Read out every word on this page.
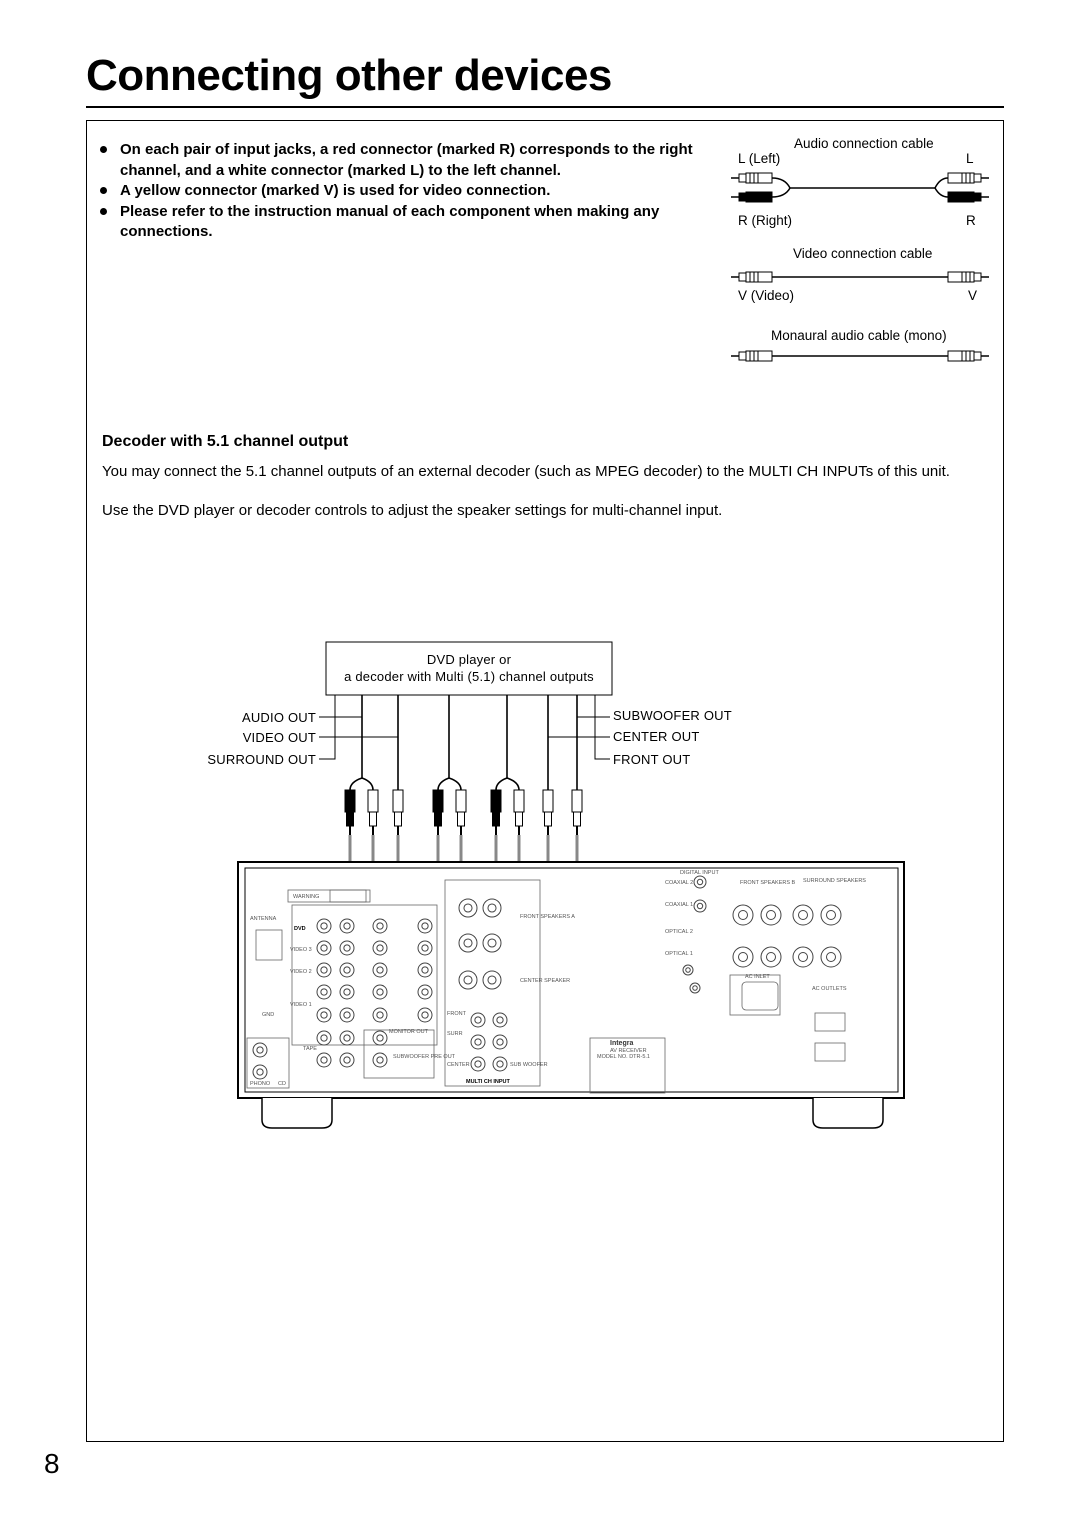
Connecting other devices
On each pair of input jacks, a red connector (marked R) corresponds to the right channel, and a white connector (marked L) to the left channel.
A yellow connector (marked V) is used for video connection.
Please refer to the instruction manual of each component when making any connections.
Audio connection cable
L (Left)	L
R (Right)	R
Video connection cable
V (Video)	V
Monaural audio cable (mono)
Decoder with 5.1 channel output

You may connect the 5.1 channel outputs of an external decoder (such as MPEG decoder) to the MULTI CH INPUTs of this unit.

Use the DVD player or decoder controls to adjust the speaker settings for multi-channel input.

WARNING
ANTENNA
GND
DVD
VIDEO 3
VIDEO 2
VIDEO 1
TAPE
PHONO CD
DIGITAL INPUT
COAXIAL 2
COAXIAL 1
OPTICAL 2
OPTICAL 1
FRONT SPEAKERS B SURROUND SPEAKERS
FRONT SPEAKERS A
CENTER SPEAKER
AC INLET
AC OUTLETS
MONITOR OUT
SUBWOOFER PRE OUT
MULTI CH INPUT
FRONT
SURR
CENTER	SUB WOOFER
Integra
AV RECEIVER
MODEL NO. DTR-5.1
DVD player or
a decoder with Multi (5.1) channel outputs
AUDIO OUT
VIDEO OUT
SURROUND OUT
SUBWOOFER OUT
CENTER OUT
FRONT OUT
8
